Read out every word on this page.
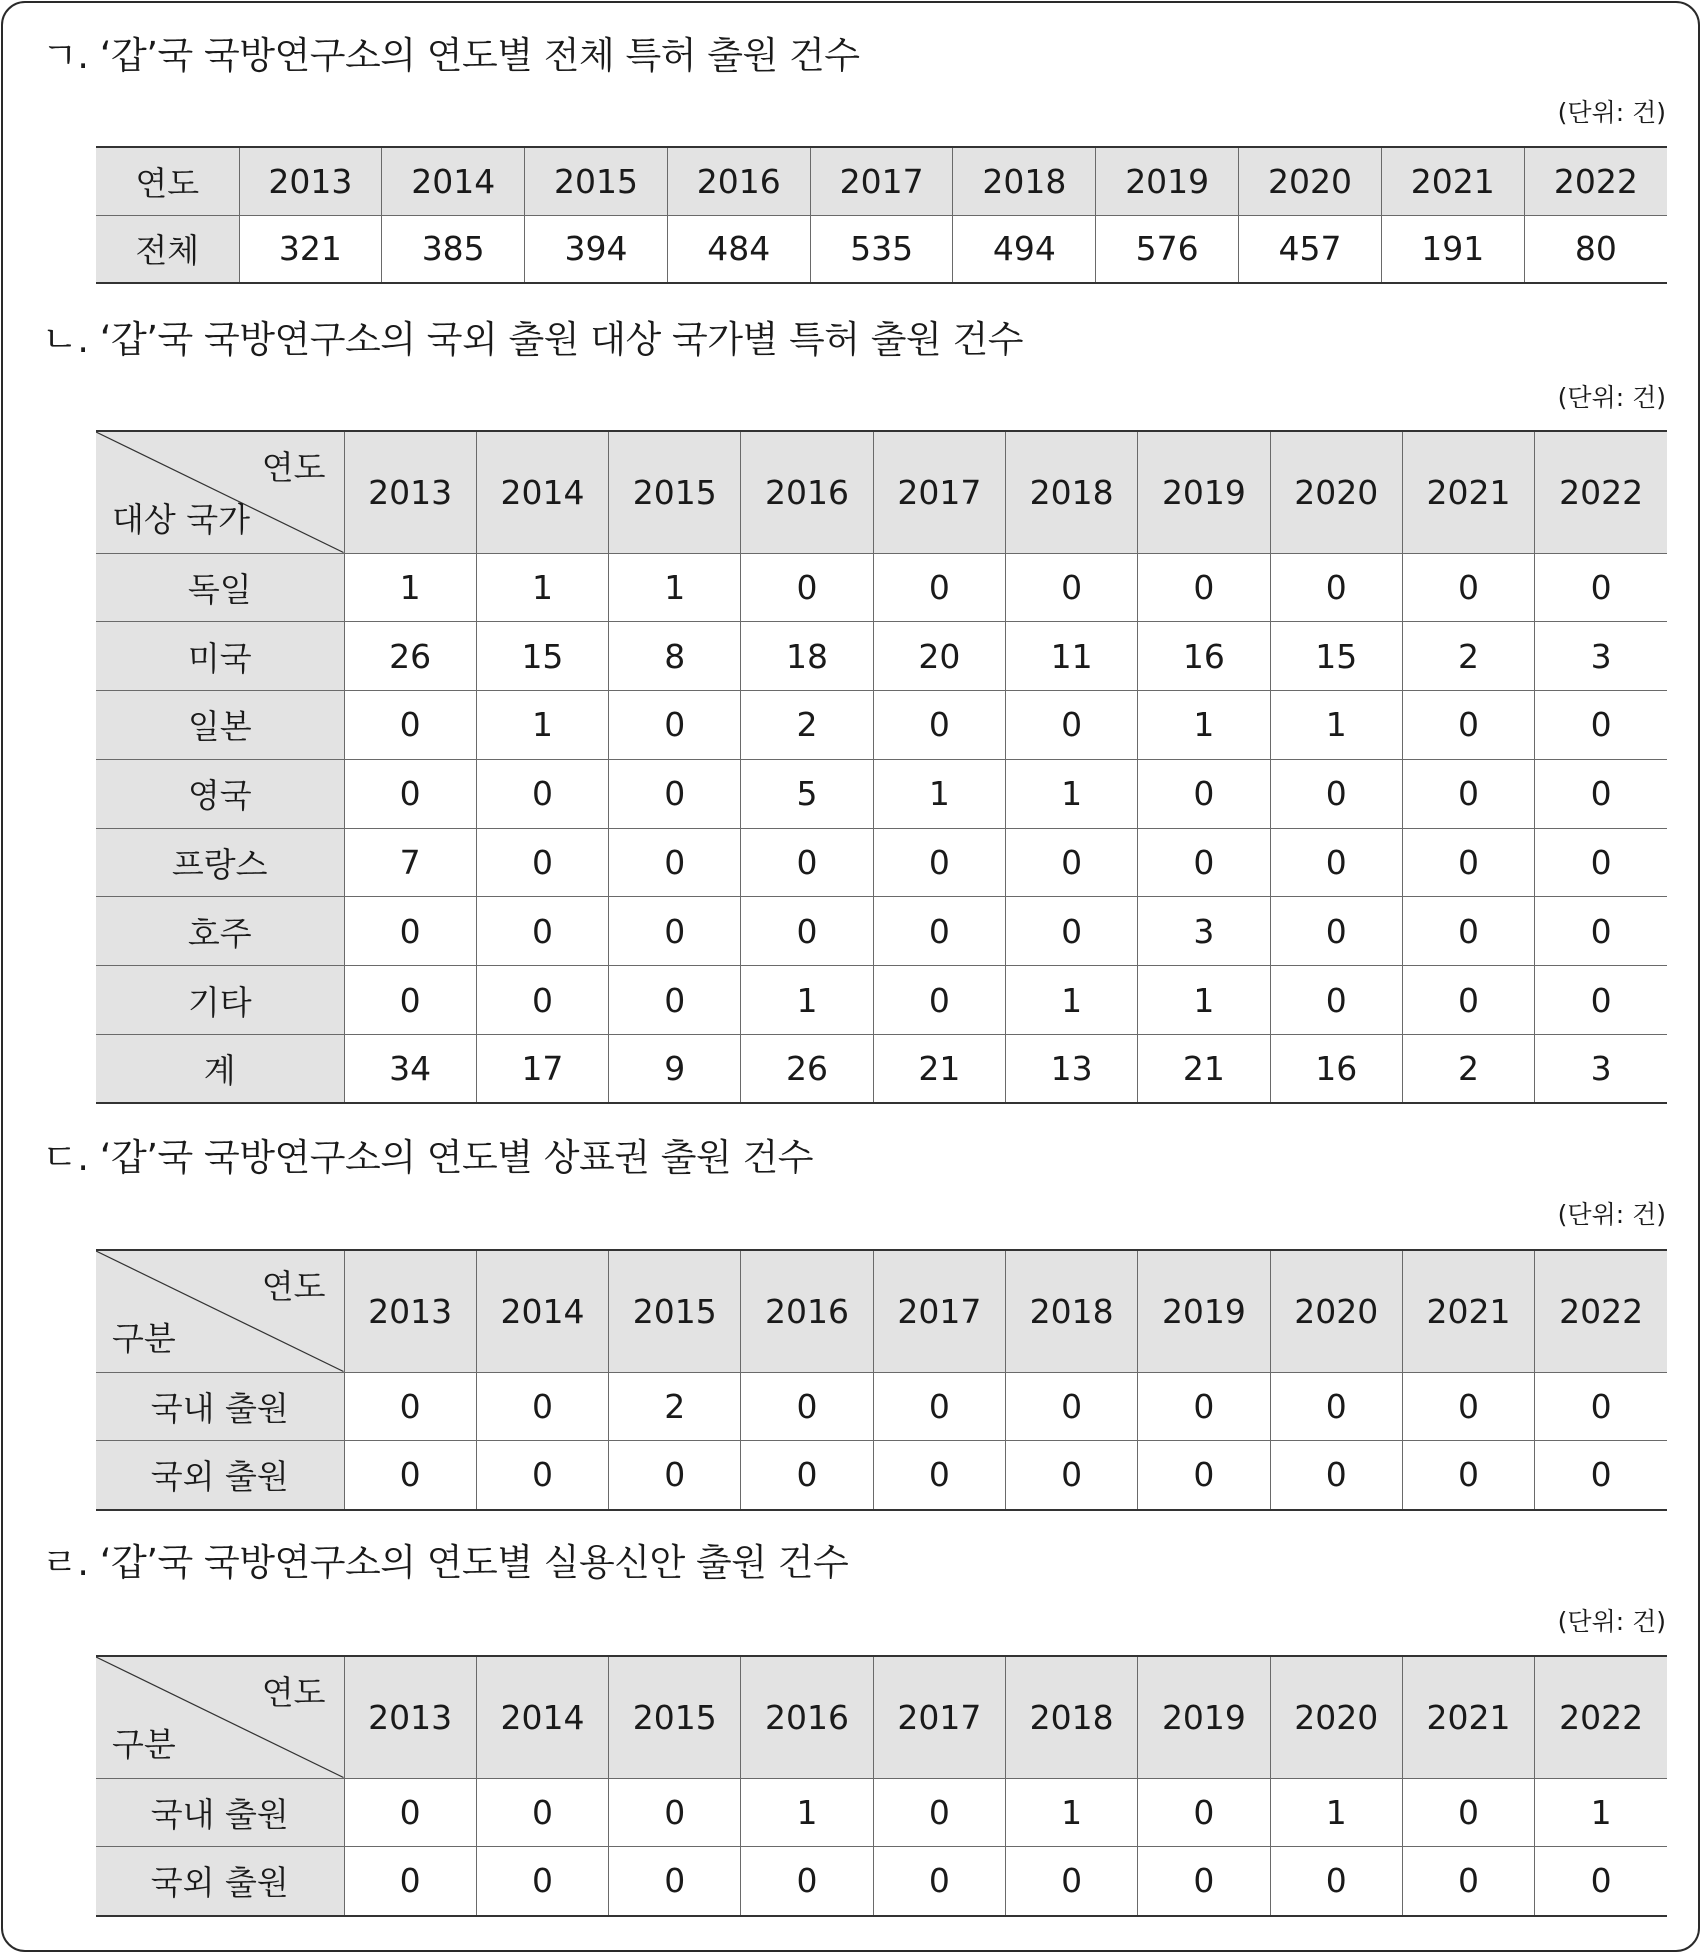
ㄱ. ‘갑’국 국방연구소의 연도별 전체 특허 출원 건수
(단위: 건)
연도	2013	2014	2015	2016	2017	2018	2019	2020	2021	2022
전체	321	385	394	484	535	494	576	457	191	80
ㄴ. ‘갑’국 국방연구소의 국외 출원 대상 국가별 특허 출원 건수
(단위: 건)
연도
대상 국가	2013	2014	2015	2016	2017	2018	2019	2020	2021	2022
독일	1	1	1	0	0	0	0	0	0	0
미국	26	15	8	18	20	11	16	15	2	3
일본	0	1	0	2	0	0	1	1	0	0
영국	0	0	0	5	1	1	0	0	0	0
프랑스	7	0	0	0	0	0	0	0	0	0
호주	0	0	0	0	0	0	3	0	0	0
기타	0	0	0	1	0	1	1	0	0	0
계	34	17	9	26	21	13	21	16	2	3
ㄷ. ‘갑’국 국방연구소의 연도별 상표권 출원 건수
(단위: 건)
연도
구분	2013	2014	2015	2016	2017	2018	2019	2020	2021	2022
국내 출원	0	0	2	0	0	0	0	0	0	0
국외 출원	0	0	0	0	0	0	0	0	0	0
ㄹ. ‘갑’국 국방연구소의 연도별 실용신안 출원 건수
(단위: 건)
연도
구분	2013	2014	2015	2016	2017	2018	2019	2020	2021	2022
국내 출원	0	0	0	1	0	1	0	1	0	1
국외 출원	0	0	0	0	0	0	0	0	0	0
